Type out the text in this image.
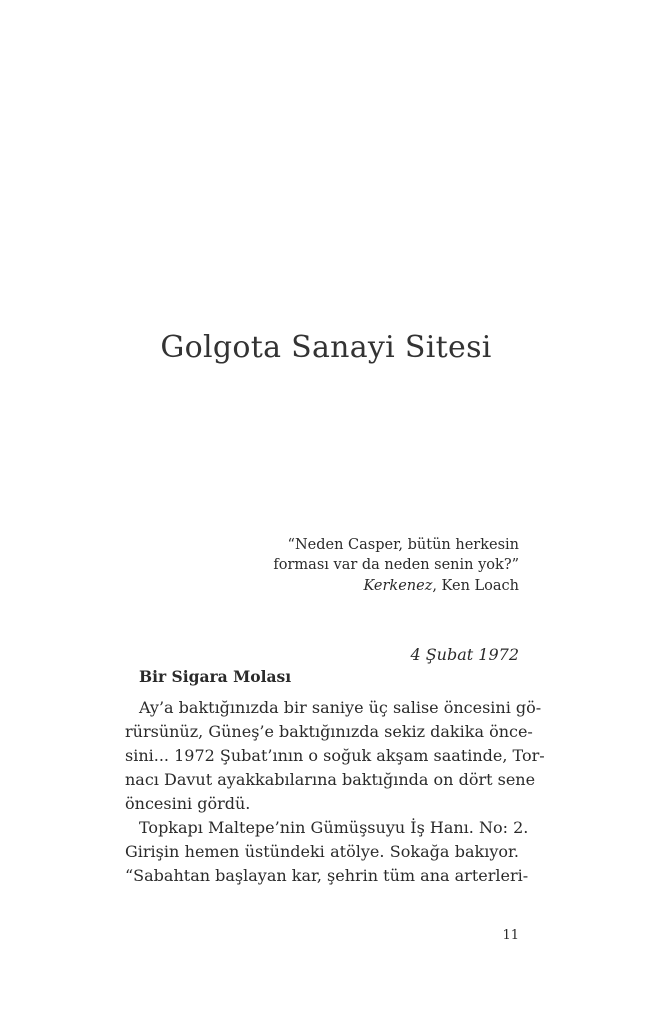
Golgota Sanayi Sitesi
“Neden Casper, bütün herkesin
forması var da neden senin yok?”
Kerkenez, Ken Loach
4 Şubat 1972
Bir Sigara Molası
Ay’a baktığınızda bir saniye üç salise öncesini gö-
rürsünüz, Güneş’e baktığınızda sekiz dakika önce-
sini... 1972 Şubat’ının o soğuk akşam saatinde, Tor-
nacı Davut ayakkabılarına baktığında on dört sene
öncesini gördü.
Topkapı Maltepe’nin Gümüşsuyu İş Hanı. No: 2.
Girişin hemen üstündeki atölye. Sokağa bakıyor.
“Sabahtan başlayan kar, şehrin tüm ana arterleri-
11
